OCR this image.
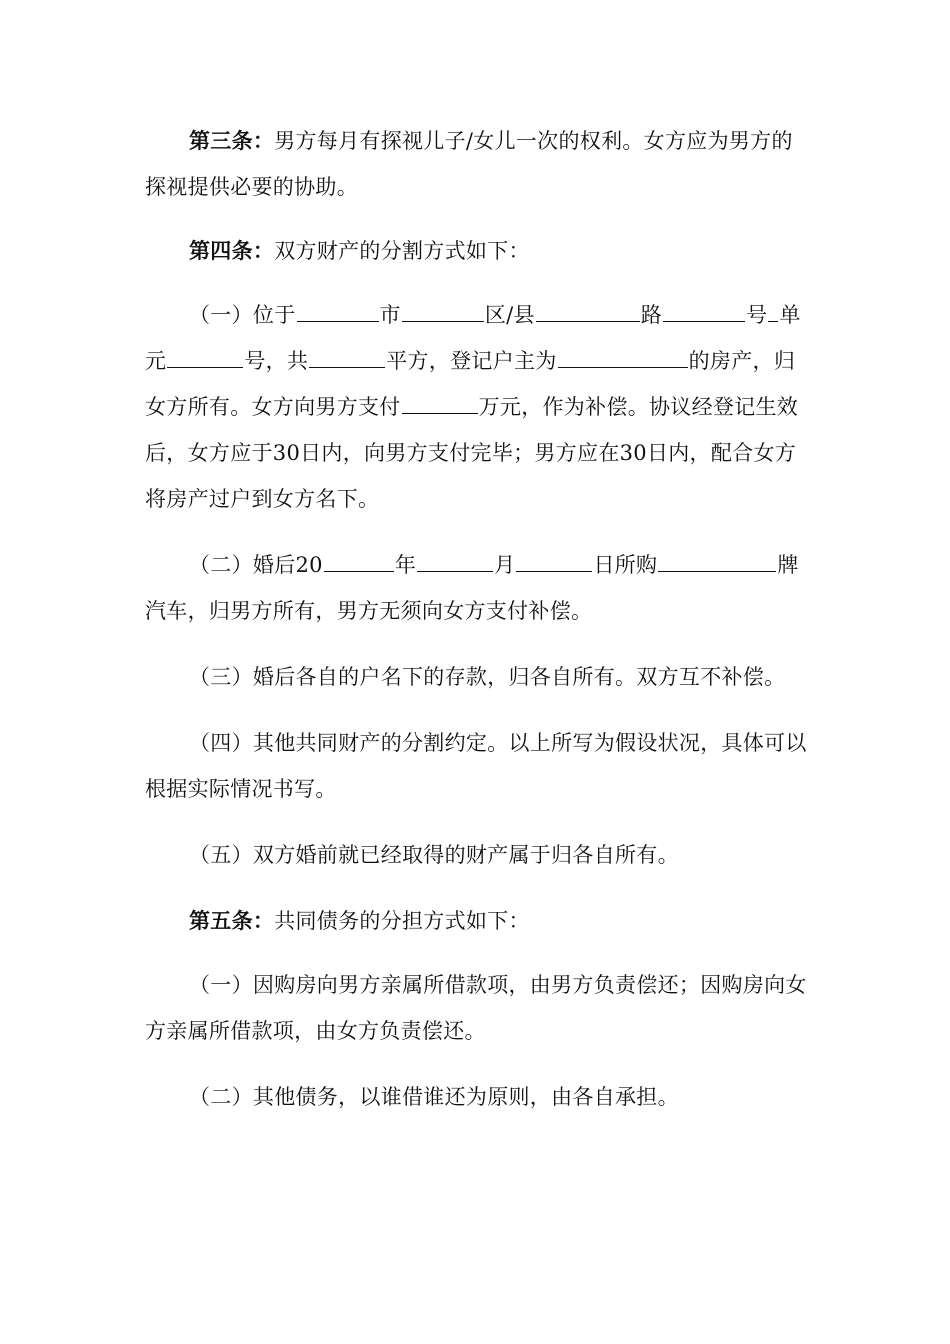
第三条：男方每月有探视儿子/女儿一次的权利。女方应为男方的探视提供必要的协助。

第四条：双方财产的分割方式如下：

（一）位于	市	区/县	路	号 单元	号，共	平方，登记户主为	的房产，归女方所有。女方向男方支付	万元，作为补偿。协议经登记生效后，女方应于30日内，向男方支付完毕；男方应在30日内，配合女方将房产过户到女方名下。

（二）婚后20	年	月	日所购	牌汽车，归男方所有，男方无须向女方支付补偿。

（三）婚后各自的户名下的存款，归各自所有。双方互不补偿。

（四）其他共同财产的分割约定。以上所写为假设状况，具体可以根据实际情况书写。

（五）双方婚前就已经取得的财产属于归各自所有。

第五条：共同债务的分担方式如下：

（一）因购房向男方亲属所借款项，由男方负责偿还；因购房向女方亲属所借款项，由女方负责偿还。

（二）其他债务，以谁借谁还为原则，由各自承担。
